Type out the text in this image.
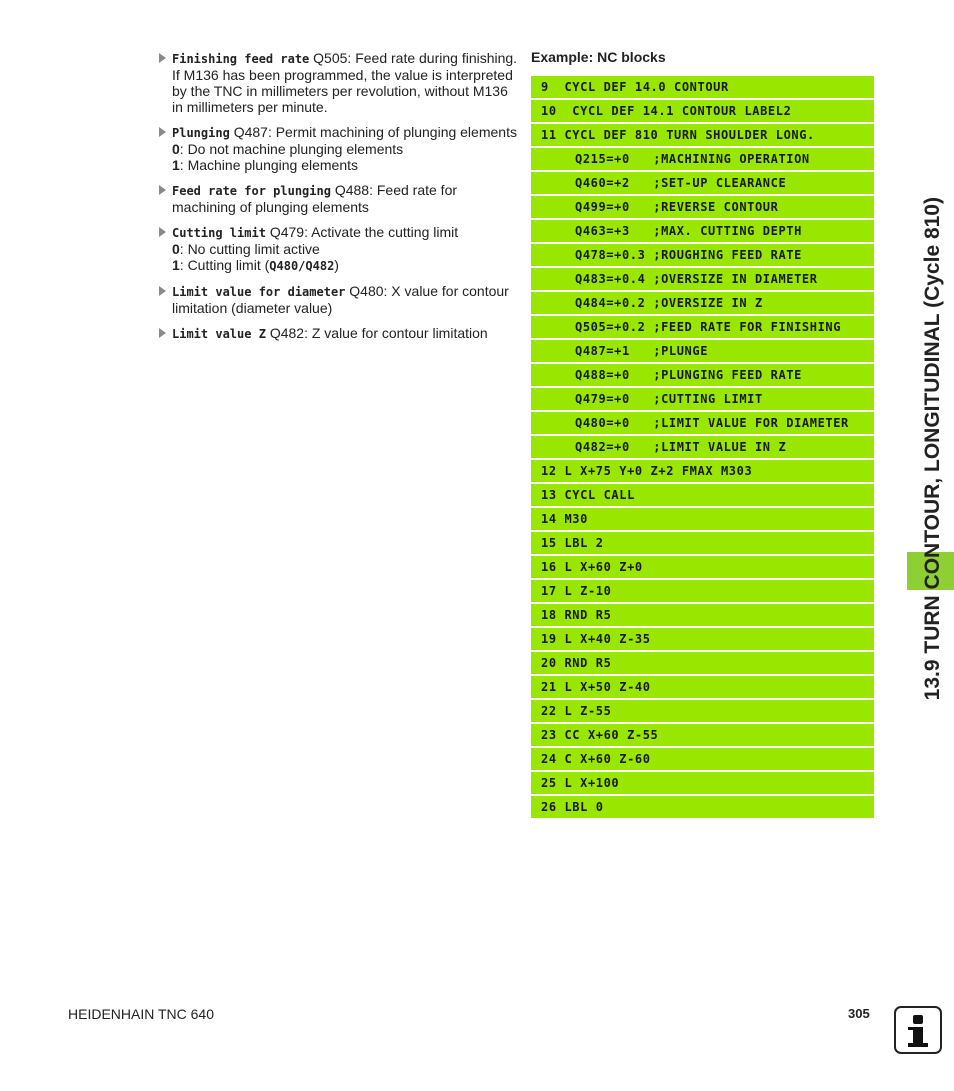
Finishing feed rate Q505: Feed rate during finishing. If M136 has been programmed, the value is interpreted by the TNC in millimeters per revolution, without M136 in millimeters per minute.
Plunging Q487: Permit machining of plunging elements
0: Do not machine plunging elements
1: Machine plunging elements
Feed rate for plunging Q488: Feed rate for machining of plunging elements
Cutting limit Q479: Activate the cutting limit
0: No cutting limit active
1: Cutting limit (Q480/Q482)
Limit value for diameter Q480: X value for contour limitation (diameter value)
Limit value Z Q482: Z value for contour limitation
Example: NC blocks
9  CYCL DEF 14.0 CONTOUR
10  CYCL DEF 14.1 CONTOUR LABEL2
11 CYCL DEF 810 TURN SHOULDER LONG.
Q215=+0   ;MACHINING OPERATION
Q460=+2   ;SET-UP CLEARANCE
Q499=+0   ;REVERSE CONTOUR
Q463=+3   ;MAX. CUTTING DEPTH
Q478=+0.3 ;ROUGHING FEED RATE
Q483=+0.4 ;OVERSIZE IN DIAMETER
Q484=+0.2 ;OVERSIZE IN Z
Q505=+0.2 ;FEED RATE FOR FINISHING
Q487=+1   ;PLUNGE
Q488=+0   ;PLUNGING FEED RATE
Q479=+0   ;CUTTING LIMIT
Q480=+0   ;LIMIT VALUE FOR DIAMETER
Q482=+0   ;LIMIT VALUE IN Z
12 L X+75 Y+0 Z+2 FMAX M303
13 CYCL CALL
14 M30
15 LBL 2
16 L X+60 Z+0
17 L Z-10
18 RND R5
19 L X+40 Z-35
20 RND R5
21 L X+50 Z-40
22 L Z-55
23 CC X+60 Z-55
24 C X+60 Z-60
25 L X+100
26 LBL 0
13.9 TURN CONTOUR, LONGITUDINAL (Cycle 810)
HEIDENHAIN TNC 640	305
